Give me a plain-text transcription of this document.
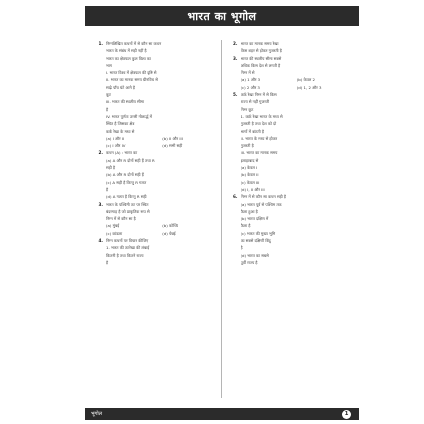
भारत का भूगोल
1. निम्नलिखित कथनों में से कौन सा कथन
भारत के संबंध में सही नहीं है
भारत का क्षेत्रफल कुल विश्व का
भाग
I. भारत विश्व में क्षेत्रफल की दृष्टि से
II. भारत का मानक समय ग्रीनविच से
साढ़े पाँच घंटे आगे है
कूट
III. भारत की स्थलीय सीमा
है
IV. भारत पूर्णतः उत्तरी गोलार्द्ध में
स्थित है जिसका क्षेत्र
कर्क रेखा के मध्य से
(a) I और II	(b) II और III
(c) I और IV	(d) सभी सही
2. कथन (A) : भारत का
(a) A और R दोनों सही हैं तथा R
सही है
(b) A और R दोनों सही हैं
(c) A सही है किन्तु R गलत
है
(d) A गलत है किन्तु R सही
3. भारत के पश्चिमी तट पर स्थित
बंदरगाह है जो प्राकृतिक रूप से
निम्न में से कौन सा है
(a) मुंबई	(b) कोच्चि
(c) कांडला	(d) चेन्नई
4. निम्न कथनों पर विचार कीजिए
1. भारत की तटरेखा की लंबाई
कितनी है तथा कितने राज्य
है
2. भारत का मानक समय रेखा
किस शहर से होकर गुजरती है
3. भारत की स्थलीय सीमा सबसे
अधिक किस देश से लगती है
निम्न में से
(a) 1 और 3	(b) केवल 2
(c) 2 और 3	(d) 1, 2 और 3
5. कर्क रेखा निम्न में से किस
राज्य से नहीं गुजरती
निम्न कूट
1. कर्क रेखा भारत के मध्य से
गुजरती है तथा देश को दो
भागों में बांटती है
II. भारत के मध्य से होकर
गुजरती है
III. भारत का मानक समय
इलाहाबाद से
(a) केवल I
(b) केवल II
(c) केवल III
(d) I, II और III
6. निम्न में से कौन सा कथन सही है
(a) भारत पूर्व से पश्चिम तक
फैला हुआ है
(b) भारत दक्षिण में
फैला है
(c) भारत की मुख्य भूमि
का सबसे दक्षिणी बिंदु
है
(d) भारत का सबसे
पूर्वी राज्य है
भूगोल	1
